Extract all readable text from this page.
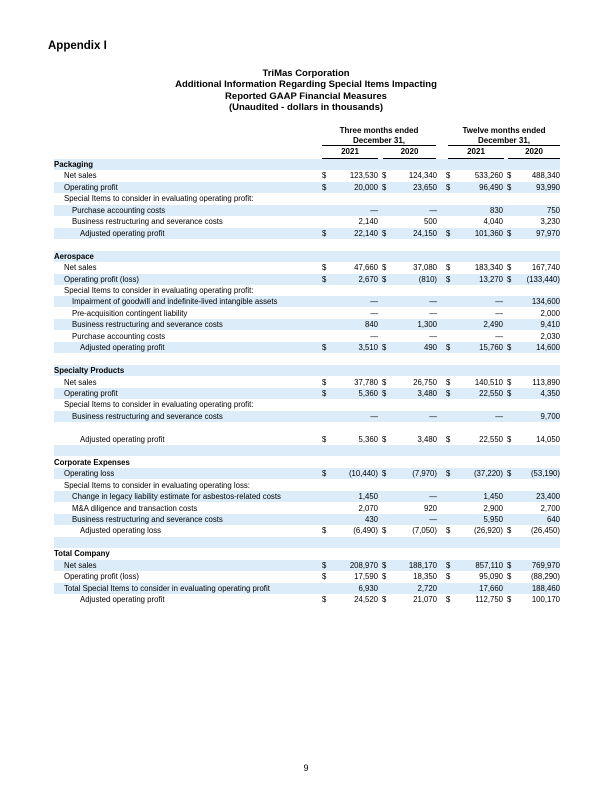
Appendix I
TriMas Corporation
Additional Information Regarding Special Items Impacting
Reported GAAP Financial Measures
(Unaudited - dollars in thousands)
Three months ended
December 31,
Twelve months ended
December 31,
2021	2020	2021	2020
Packaging
Net sales	$	123,530 $	124,340 $	533,260 $	488,340
Operating profit	$	20,000 $	23,650 $	96,490 $	93,990
Special Items to consider in evaluating operating profit:
Purchase accounting costs	—	—	830	750
Business restructuring and severance costs	2,140	500	4,040	3,230
Adjusted operating profit	$	22,140 $	24,150 $	101,360 $	97,970
Aerospace
Net sales	$	47,660 $	37,080 $	183,340 $	167,740
Operating profit (loss)	$	2,670 $	(810) $	13,270 $ (133,440)
Special Items to consider in evaluating operating profit:
Impairment of goodwill and indefinite-lived intangible assets	—	—	—	134,600
Pre-acquisition contingent liability	—	—	—	2,000
Business restructuring and severance costs	840	1,300	2,490	9,410
Purchase accounting costs	—	—	—	2,030
Adjusted operating profit	$	3,510 $	490 $	15,760 $	14,600
Specialty Products
Net sales	$	37,780 $	26,750 $	140,510 $	113,890
Operating profit	$	5,360 $	3,480 $	22,550 $	4,350
Special Items to consider in evaluating operating profit:
Business restructuring and severance costs	—	—	—	9,700
Adjusted operating profit	$	5,360 $	3,480 $	22,550 $	14,050
Corporate Expenses
Operating loss	$	(10,440) $	(7,970) $	(37,220) $	(53,190)
Special Items to consider in evaluating operating loss:
Change in legacy liability estimate for asbestos-related costs	1,450	—	1,450	23,400
M&A diligence and transaction costs	2,070	920	2,900	2,700
Business restructuring and severance costs	430	—	5,950	640
Adjusted operating loss	$	(6,490) $	(7,050) $	(26,920) $	(26,450)
Total Company
Net sales	$	208,970 $	188,170 $	857,110 $	769,970
Operating profit (loss)	$	17,590 $	18,350 $	95,090 $	(88,290)
Total Special Items to consider in evaluating operating profit	6,930	2,720	17,660	188,460
Adjusted operating profit	$	24,520 $	21,070 $	112,750 $	100,170
9
